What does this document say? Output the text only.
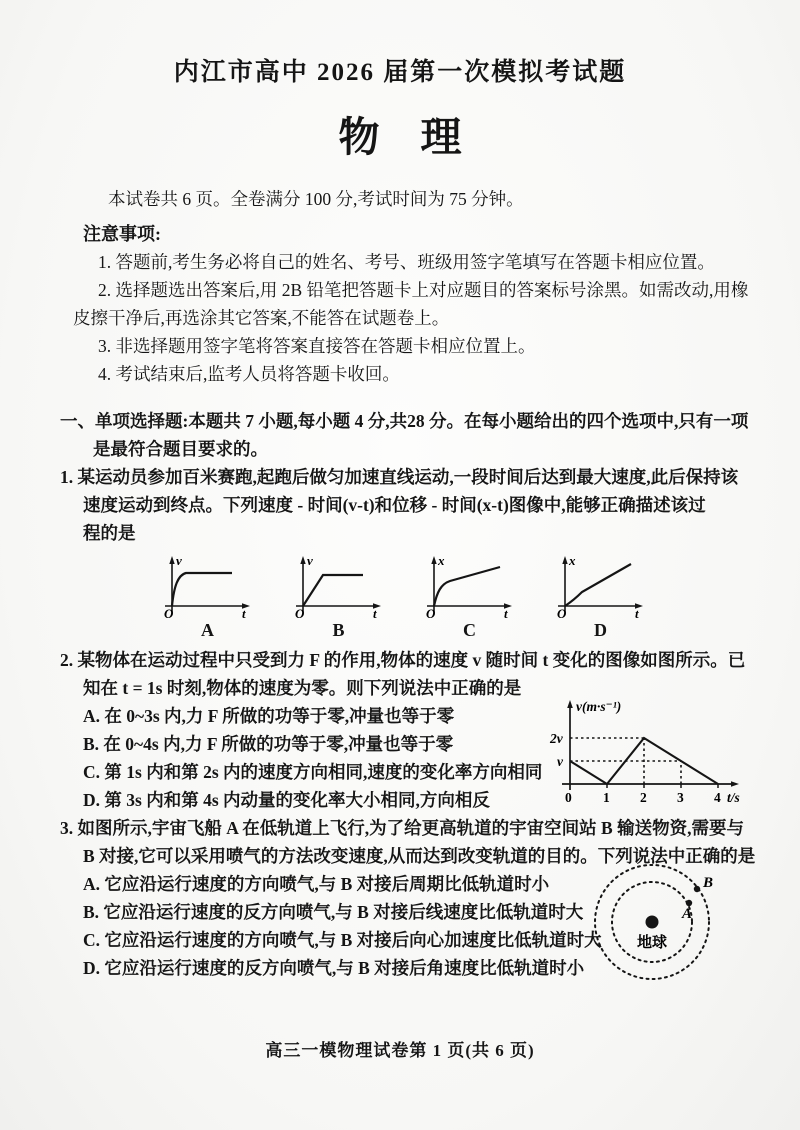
内江市高中 2026 届第一次模拟考试题
物　理
本试卷共 6 页。全卷满分 100 分,考试时间为 75 分钟。
注意事项:
1. 答题前,考生务必将自己的姓名、考号、班级用签字笔填写在答题卡相应位置。
2. 选择题选出答案后,用 2B 铅笔把答题卡上对应题目的答案标号涂黑。如需改动,用橡
皮擦干净后,再选涂其它答案,不能答在试题卷上。
3. 非选择题用签字笔将答案直接答在答题卡相应位置上。
4. 考试结束后,监考人员将答题卡收回。
一、单项选择题:本题共 7 小题,每小题 4 分,共28 分。在每小题给出的四个选项中,只有一项
是最符合题目要求的。
1. 某运动员参加百米赛跑,起跑后做匀加速直线运动,一段时间后达到最大速度,此后保持该
速度运动到终点。下列速度 - 时间(v-t)和位移 - 时间(x-t)图像中,能够正确描述该过
程的是
O
v
t
A
O
v
t
B
O
x
t
C
O
x
t
D
2. 某物体在运动过程中只受到力 F 的作用,物体的速度 v 随时间 t 变化的图像如图所示。已
知在 t = 1s 时刻,物体的速度为零。则下列说法中正确的是
A. 在 0~3s 内,力 F 所做的功等于零,冲量也等于零
B. 在 0~4s 内,力 F 所做的功等于零,冲量也等于零
C. 第 1s 内和第 2s 内的速度方向相同,速度的变化率方向相同
D. 第 3s 内和第 4s 内动量的变化率大小相同,方向相反
v(m·s⁻¹)
2v
v
0 1 2 3 4 t/s
3. 如图所示,宇宙飞船 A 在低轨道上飞行,为了给更高轨道的宇宙空间站 B 输送物资,需要与
B 对接,它可以采用喷气的方法改变速度,从而达到改变轨道的目的。下列说法中正确的是
A. 它应沿运行速度的方向喷气,与 B 对接后周期比低轨道时小
B. 它应沿运行速度的反方向喷气,与 B 对接后线速度比低轨道时大
C. 它应沿运行速度的方向喷气,与 B 对接后向心加速度比低轨道时大
D. 它应沿运行速度的反方向喷气,与 B 对接后角速度比低轨道时小
地球
A
B
高三一模物理试卷第 1 页(共 6 页)
